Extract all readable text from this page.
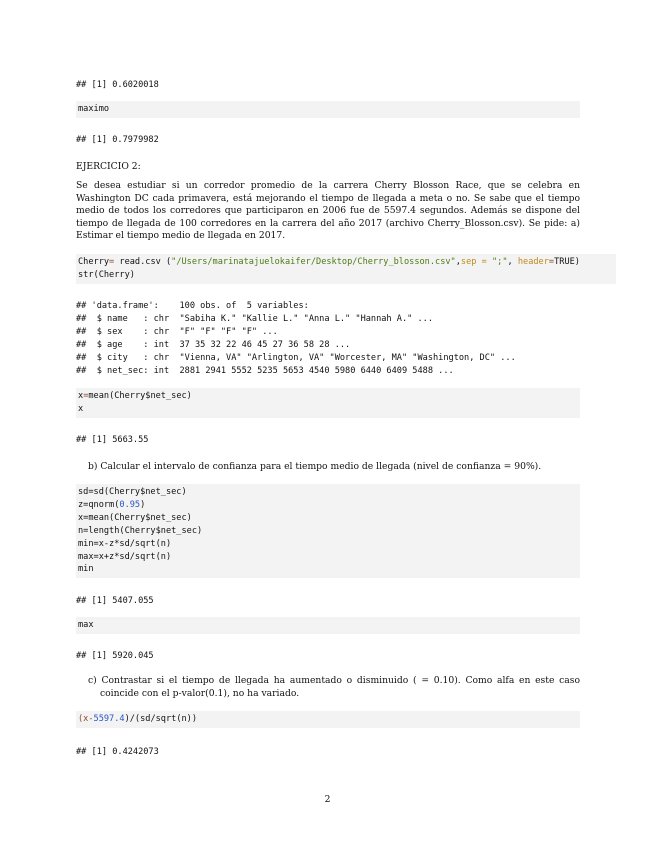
## [1] 0.6020018
maximo
## [1] 0.7979982
EJERCICIO 2:
Se desea estudiar si un corredor promedio de la carrera Cherry Blosson Race, que se celebra en Washington DC cada primavera, está mejorando el tiempo de llegada a meta o no. Se sabe que el tiempo medio de todos los corredores que participaron en 2006 fue de 5597.4 segundos. Además se dispone del tiempo de llegada de 100 corredores en la carrera del año 2017 (archivo Cherry_Blosson.csv). Se pide: a) Estimar el tiempo medio de llegada en 2017.
Cherry= read.csv ("/Users/marinatajuelokaifer/Desktop/Cherry_blosson.csv",sep = ";", header=TRUE)
str(Cherry)
## 'data.frame':    100 obs. of  5 variables:
##  $ name   : chr  "Sabiha K." "Kallie L." "Anna L." "Hannah A." ...
##  $ sex    : chr  "F" "F" "F" "F" ...
##  $ age    : int  37 35 32 22 46 45 27 36 58 28 ...
##  $ city   : chr  "Vienna, VA" "Arlington, VA" "Worcester, MA" "Washington, DC" ...
##  $ net_sec: int  2881 2941 5552 5235 5653 4540 5980 6440 6409 5488 ...
x=mean(Cherry$net_sec)
x
## [1] 5663.55
b) Calcular el intervalo de confianza para el tiempo medio de llegada (nivel de confianza = 90%).
sd=sd(Cherry$net_sec)
z=qnorm(0.95)
x=mean(Cherry$net_sec)
n=length(Cherry$net_sec)
min=x-z*sd/sqrt(n)
max=x+z*sd/sqrt(n)
min
## [1] 5407.055
max
## [1] 5920.045
c) Contrastar si el tiempo de llegada ha aumentado o disminuido ( = 0.10). Como alfa en este caso coincide con el p-valor(0.1), no ha variado.
(x-5597.4)/(sd/sqrt(n))
## [1] 0.4242073
2
